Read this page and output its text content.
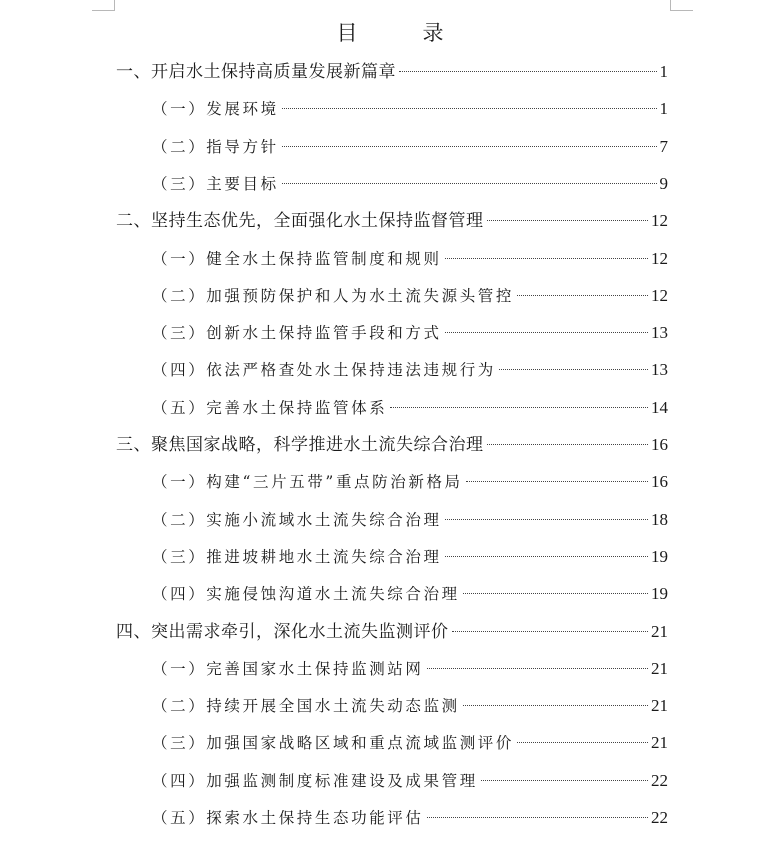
目　录
一、开启水土保持高质量发展新篇章	1
（一）发展环境	1
（二）指导方针	7
（三）主要目标	9
二、坚持生态优先，全面强化水土保持监督管理	12
（一）健全水土保持监管制度和规则	12
（二）加强预防保护和人为水土流失源头管控	12
（三）创新水土保持监管手段和方式	13
（四）依法严格查处水土保持违法违规行为	13
（五）完善水土保持监管体系	14
三、聚焦国家战略，科学推进水土流失综合治理	16
（一）构建“三片五带”重点防治新格局	16
（二）实施小流域水土流失综合治理	18
（三）推进坡耕地水土流失综合治理	19
（四）实施侵蚀沟道水土流失综合治理	19
四、突出需求牵引，深化水土流失监测评价	21
（一）完善国家水土保持监测站网	21
（二）持续开展全国水土流失动态监测	21
（三）加强国家战略区域和重点流域监测评价	21
（四）加强监测制度标准建设及成果管理	22
（五）探索水土保持生态功能评估	22
